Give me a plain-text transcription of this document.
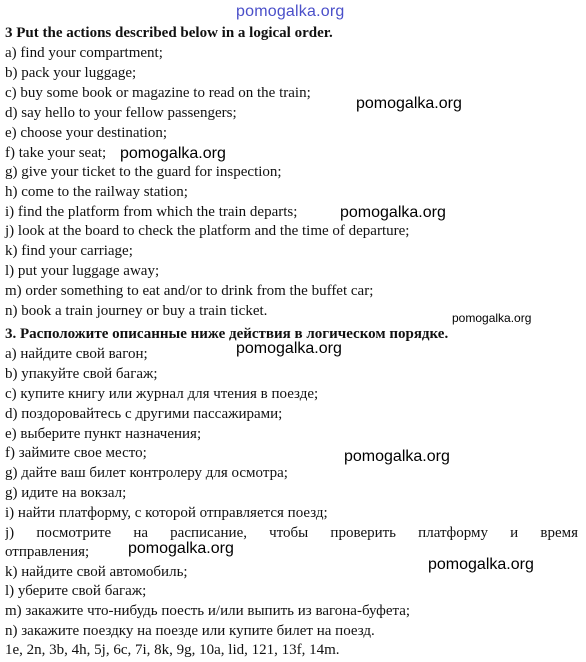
pomogalka.org
3 Put the actions described below in a logical order.
a) find your compartment;
b) pack your luggage;
c) buy some book or magazine to read on the train;
d) say hello to your fellow passengers;
e) choose your destination;
f) take your seat;
g) give your ticket to the guard for inspection;
h) come to the railway station;
i) find the platform from which the train departs;
j) look at the board to check the platform and the time of departure;
k) find your carriage;
l) put your luggage away;
m) order something to eat and/or to drink from the buffet car;
n) book a train journey or buy a train ticket.
3. Расположите описанные ниже действия в логическом порядке.
а) найдите свой вагон;
b) упакуйте свой багаж;
c) купите книгу или журнал для чтения в поезде;
d) поздоровайтесь с другими пассажирами;
e) выберите пункт назначения;
f) займите свое место;
g) дайте ваш билет контролеру для осмотра;
g) идите на вокзал;
i) найти платформу, с которой отправляется поезд;
j) посмотрите на расписание, чтобы проверить платформу и время
отправления;
k) найдите свой автомобиль;
l) уберите свой багаж;
m) закажите что-нибудь поесть и/или выпить из вагона-буфета;
n) закажите поездку на поезде или купите билет на поезд.
1e, 2n, 3b, 4h, 5j, 6c, 7i, 8k, 9g, 10a, lid, 121, 13f, 14m.
pomogalka.org
pomogalka.org
pomogalka.org
pomogalka.org
pomogalka.org
pomogalka.org
pomogalka.org
pomogalka.org
